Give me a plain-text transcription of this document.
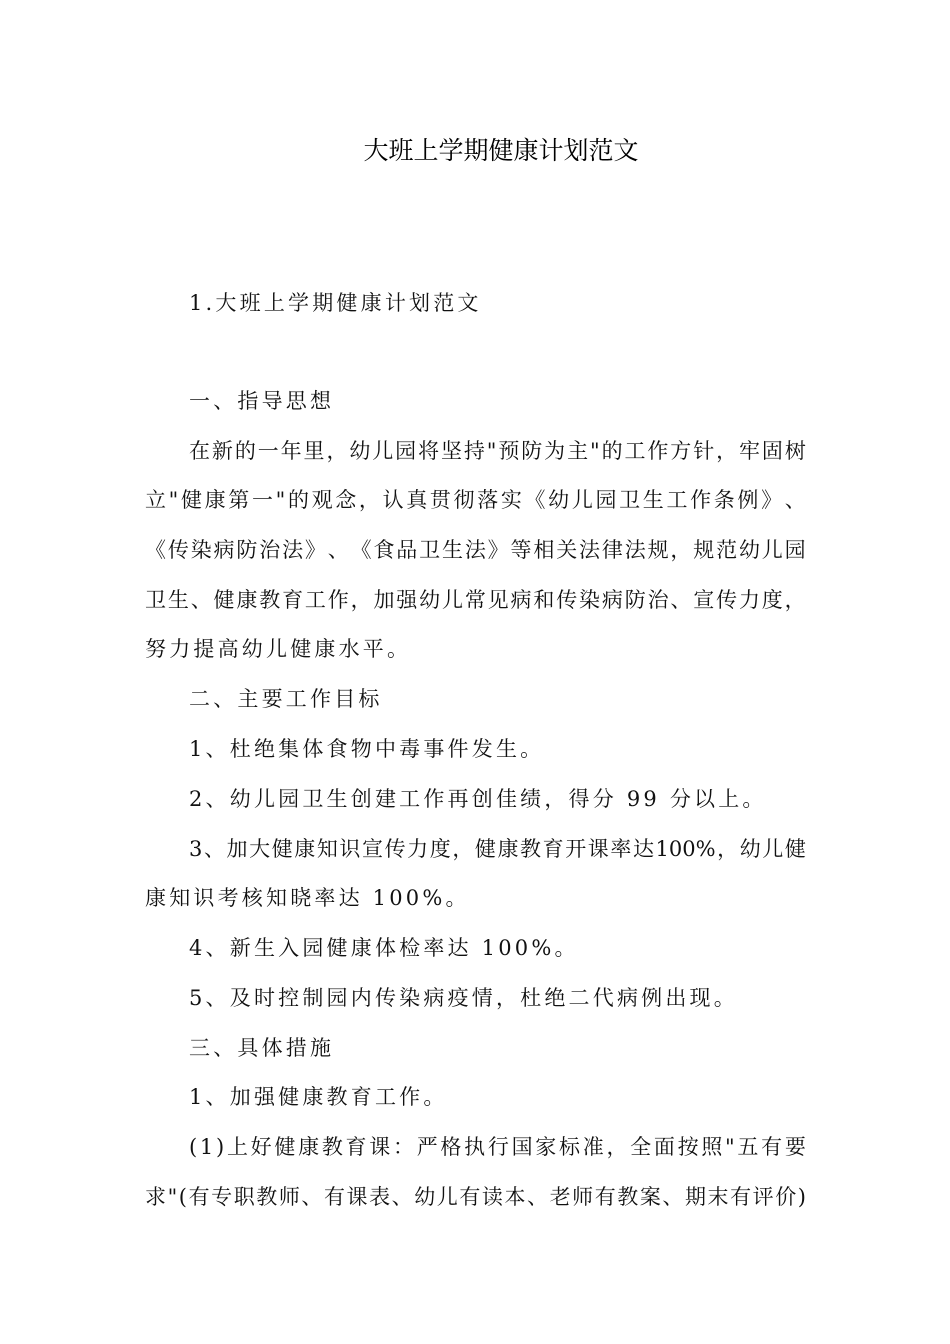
大班上学期健康计划范文
1.大班上学期健康计划范文
一、指导思想
在 新 的 一 年 里 ， 幼 儿 园 将 坚 持 " 预 防 为 主 " 的 工 作 方 针 ， 牢 固 树
立 " 健 康 第 一 " 的 观 念 ， 认 真 贯 彻 落 实 《 幼 儿 园 卫 生 工 作 条 例 》 、
《 传 染 病 防 治 法 》 、 《 食 品 卫 生 法 》 等 相 关 法 律 法 规 ， 规 范 幼 儿 园
卫 生 、 健 康 教 育 工 作 ， 加 强 幼 儿 常 见 病 和 传 染 病 防 治 、 宣 传 力 度 ，
努力提高幼儿健康水平。
二、主要工作目标
1、杜绝集体食物中毒事件发生。
2、幼儿园卫生创建工作再创佳绩，得分 99 分以上。
3 、 加 大 健 康 知 识 宣 传 力 度 ， 健 康 教 育 开 课 率 达 100% ， 幼 儿 健
康知识考核知晓率达 100%。
4、新生入园健康体检率达 100%。
5、及时控制园内传染病疫情，杜绝二代病例出现。
三、具体措施
1、加强健康教育工作。
( 1 ) 上 好 健 康 教 育 课 ： 严 格 执 行 国 家 标 准 ， 全 面 按 照 " 五 有 要
求 " ( 有 专 职 教 师 、 有 课 表 、 幼 儿 有 读 本 、 老 师 有 教 案 、 期 末 有 评 价 )
